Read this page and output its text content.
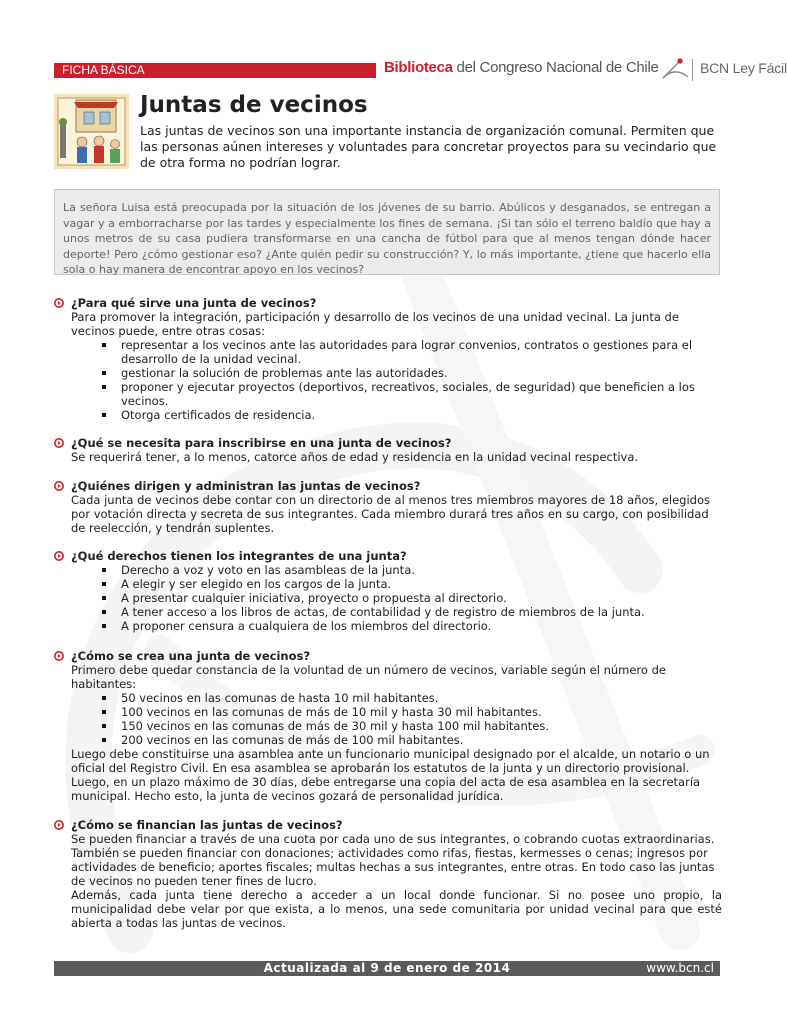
FICHA BÁSICA	Biblioteca del Congreso Nacional de Chile	BCN Ley Fácil
Juntas de vecinos

Las juntas de vecinos son una importante instancia de organización comunal. Permiten que las personas aúnen intereses y voluntades para concretar proyectos para su vecindario que de otra forma no podrían lograr.

La señora Luisa está preocupada por la situación de los jóvenes de su barrio. Abúlicos y desganados, se entregan a vagar y a emborracharse por las tardes y especialmente los fines de semana. ¡Si tan sólo el terreno baldío que hay a unos metros de su casa pudiera transformarse en una cancha de fútbol para que al menos tengan dónde hacer deporte! Pero ¿cómo gestionar eso? ¿Ante quién pedir su construcción? Y, lo más importante, ¿tiene que hacerlo ella sola o hay manera de encontrar apoyo en los vecinos?

¿Para qué sirve una junta de vecinos?

Para promover la integración, participación y desarrollo de los vecinos de una unidad vecinal. La junta de vecinos puede, entre otras cosas:

representar a los vecinos ante las autoridades para lograr convenios, contratos o gestiones para el desarrollo de la unidad vecinal.
gestionar la solución de problemas ante las autoridades.
proponer y ejecutar proyectos (deportivos, recreativos, sociales, de seguridad) que beneficien a los vecinos.
Otorga certificados de residencia.
¿Qué se necesita para inscribirse en una junta de vecinos?

Se requerirá tener, a lo menos, catorce años de edad y residencia en la unidad vecinal respectiva.

¿Quiénes dirigen y administran las juntas de vecinos?

Cada junta de vecinos debe contar con un directorio de al menos tres miembros mayores de 18 años, elegidos por votación directa y secreta de sus integrantes. Cada miembro durará tres años en su cargo, con posibilidad de reelección, y tendrán suplentes.

¿Qué derechos tienen los integrantes de una junta?
Derecho a voz y voto en las asambleas de la junta.
A elegir y ser elegido en los cargos de la junta.
A presentar cualquier iniciativa, proyecto o propuesta al directorio.
A tener acceso a los libros de actas, de contabilidad y de registro de miembros de la junta.
A proponer censura a cualquiera de los miembros del directorio.
¿Cómo se crea una junta de vecinos?

Primero debe quedar constancia de la voluntad de un número de vecinos, variable según el número de habitantes:

50 vecinos en las comunas de hasta 10 mil habitantes.
100 vecinos en las comunas de más de 10 mil y hasta 30 mil habitantes.
150 vecinos en las comunas de más de 30 mil y hasta 100 mil habitantes.
200 vecinos en las comunas de más de 100 mil habitantes.

Luego debe constituirse una asamblea ante un funcionario municipal designado por el alcalde, un notario o un oficial del Registro Civil. En esa asamblea se aprobarán los estatutos de la junta y un directorio provisional. Luego, en un plazo máximo de 30 días, debe entregarse una copia del acta de esa asamblea en la secretaría municipal. Hecho esto, la junta de vecinos gozará de personalidad jurídica.

¿Cómo se financian las juntas de vecinos?

Se pueden financiar a través de una cuota por cada uno de sus integrantes, o cobrando cuotas extraordinarias. También se pueden financiar con donaciones; actividades como rifas, fiestas, kermesses o cenas; ingresos por actividades de beneficio; aportes fiscales; multas hechas a sus integrantes, entre otras. En todo caso las juntas de vecinos no pueden tener fines de lucro.

Además, cada junta tiene derecho a acceder a un local donde funcionar. Si no posee uno propio, la municipalidad debe velar por que exista, a lo menos, una sede comunitaria por unidad vecinal para que esté abierta a todas las juntas de vecinos.

Actualizada al 9 de enero de 2014	www.bcn.cl
